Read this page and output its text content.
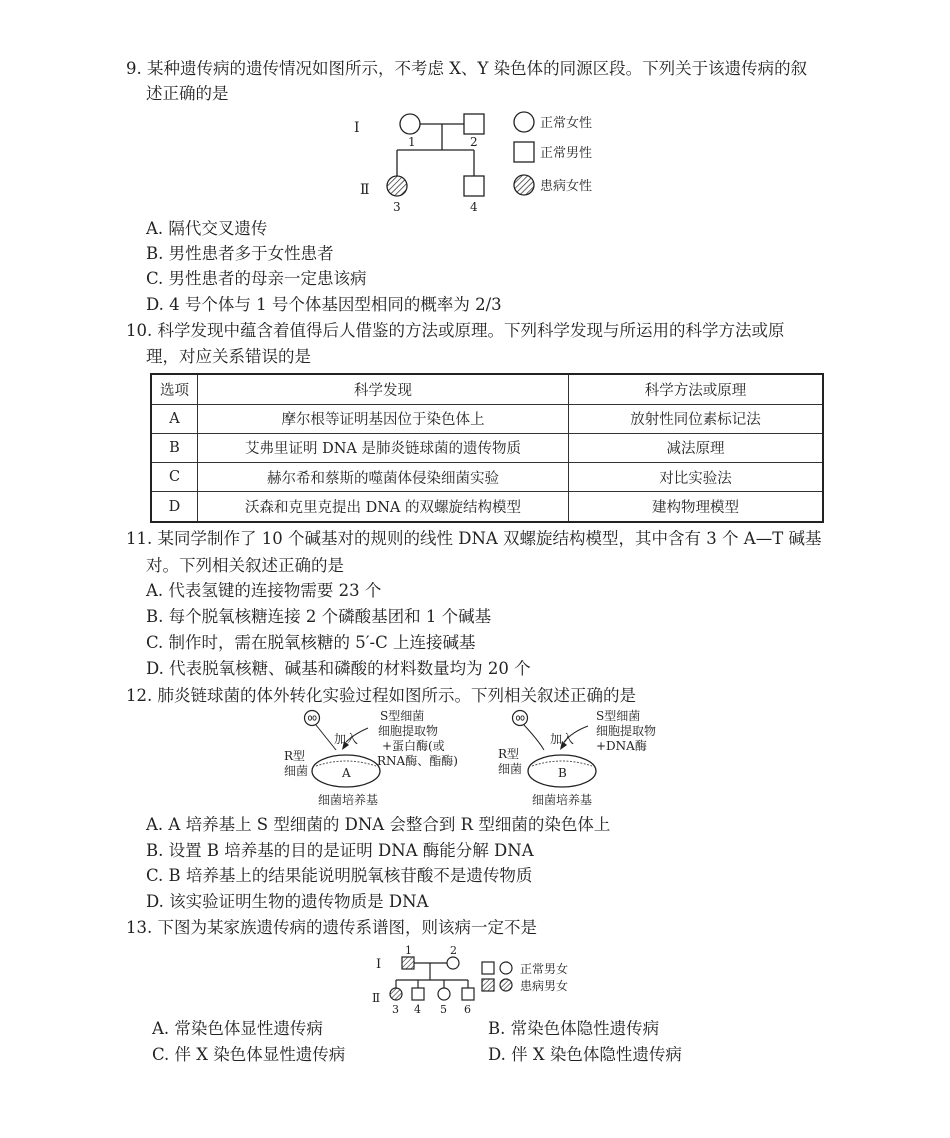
9. 某种遗传病的遗传情况如图所示，不考虑 X、Y 染色体的同源区段。下列关于该遗传病的叙
述正确的是
Ⅰ
Ⅱ
1	2
3	4
正常女性
正常男性
患病女性
A. 隔代交叉遗传
B. 男性患者多于女性患者
C. 男性患者的母亲一定患该病
D. 4 号个体与 1 号个体基因型相同的概率为 2/3
10. 科学发现中蕴含着值得后人借鉴的方法或原理。下列科学发现与所运用的科学方法或原
理，对应关系错误的是
选项	科学发现	科学方法或原理
A	摩尔根等证明基因位于染色体上	放射性同位素标记法
B	艾弗里证明 DNA 是肺炎链球菌的遗传物质	减法原理
C	赫尔希和蔡斯的噬菌体侵染细菌实验	对比实验法
D	沃森和克里克提出 DNA 的双螺旋结构模型	建构物理模型
11. 某同学制作了 10 个碱基对的规则的线性 DNA 双螺旋结构模型，其中含有 3 个 A—T 碱基
对。下列相关叙述正确的是
A. 代表氢键的连接物需要 23 个
B. 每个脱氧核糖连接 2 个磷酸基团和 1 个碱基
C. 制作时，需在脱氧核糖的 5′-C 上连接碱基
D. 代表脱氧核糖、碱基和磷酸的材料数量均为 20 个
12. 肺炎链球菌的体外转化实验过程如图所示。下列相关叙述正确的是
加入
S型细菌
细胞提取物
+蛋白酶(或
RNA酶、酯酶)
R型
细菌	A
细菌培养基
加入
S型细菌
细胞提取物
+DNA酶
R型
细菌	B
细菌培养基
A. A 培养基上 S 型细菌的 DNA 会整合到 R 型细菌的染色体上
B. 设置 B 培养基的目的是证明 DNA 酶能分解 DNA
C. B 培养基上的结果能说明脱氧核苷酸不是遗传物质
D. 该实验证明生物的遗传物质是 DNA
13. 下图为某家族遗传病的遗传系谱图，则该病一定不是
Ⅰ
Ⅱ
1	2
3 4 5 6
正常男女
患病男女
A. 常染色体显性遗传病	B. 常染色体隐性遗传病
C. 伴 X 染色体显性遗传病	D. 伴 X 染色体隐性遗传病
